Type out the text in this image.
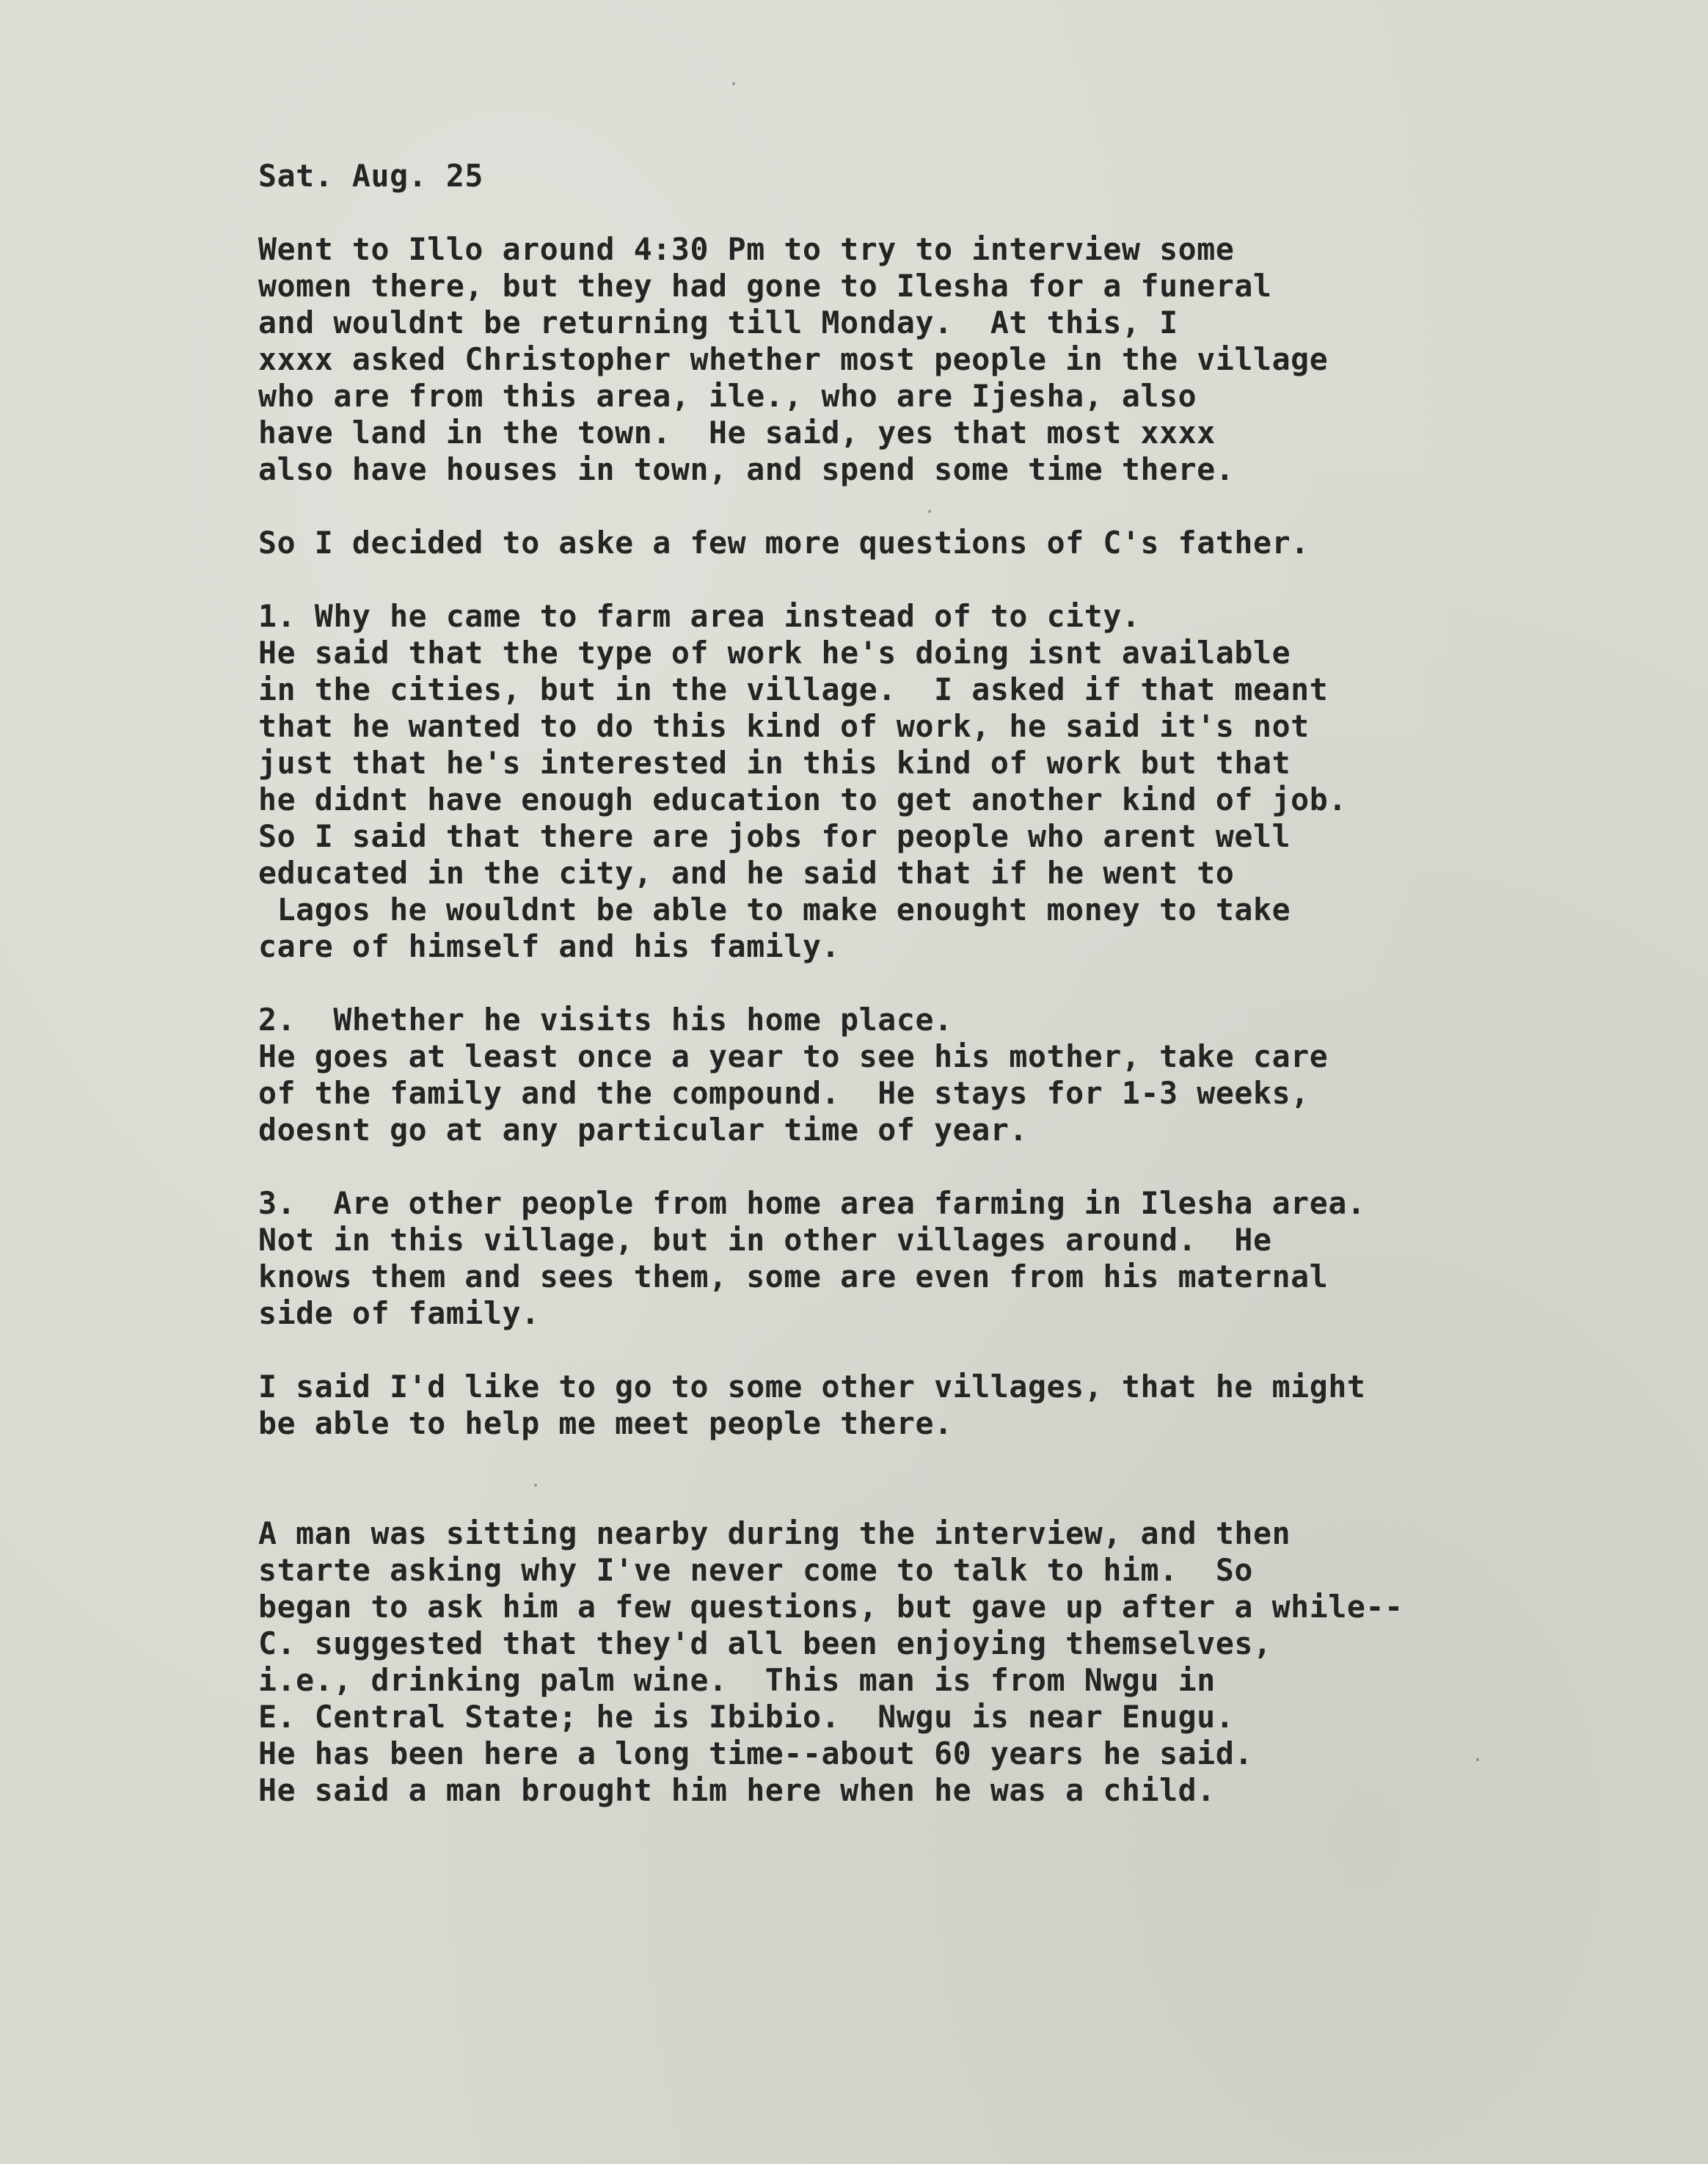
Sat. Aug. 25
Went to Illo around 4:30 Pm to try to interview some
women there, but they had gone to Ilesha for a funeral
and wouldnt be returning till Monday.  At this, I
xxxx asked Christopher whether most people in the village
who are from this area, ile., who are Ijesha, also
have land in the town.  He said, yes that most xxxx
also have houses in town, and spend some time there.
So I decided to aske a few more questions of C's father.
1. Why he came to farm area instead of to city.
He said that the type of work he's doing isnt available
in the cities, but in the village.  I asked if that meant
that he wanted to do this kind of work, he said it's not
just that he's interested in this kind of work but that
he didnt have enough education to get another kind of job.
So I said that there are jobs for people who arent well
educated in the city, and he said that if he went to
Lagos he wouldnt be able to make enought money to take
care of himself and his family.
2.  Whether he visits his home place.
He goes at least once a year to see his mother, take care
of the family and the compound.  He stays for 1-3 weeks,
doesnt go at any particular time of year.
3.  Are other people from home area farming in Ilesha area.
Not in this village, but in other villages around.  He
knows them and sees them, some are even from his maternal
side of family.
I said I'd like to go to some other villages, that he might
be able to help me meet people there.
A man was sitting nearby during the interview, and then
starte asking why I've never come to talk to him.  So
began to ask him a few questions, but gave up after a while--
C. suggested that they'd all been enjoying themselves,
i.e., drinking palm wine.  This man is from Nwgu in
E. Central State; he is Ibibio.  Nwgu is near Enugu.
He has been here a long time--about 60 years he said.
He said a man brought him here when he was a child.
